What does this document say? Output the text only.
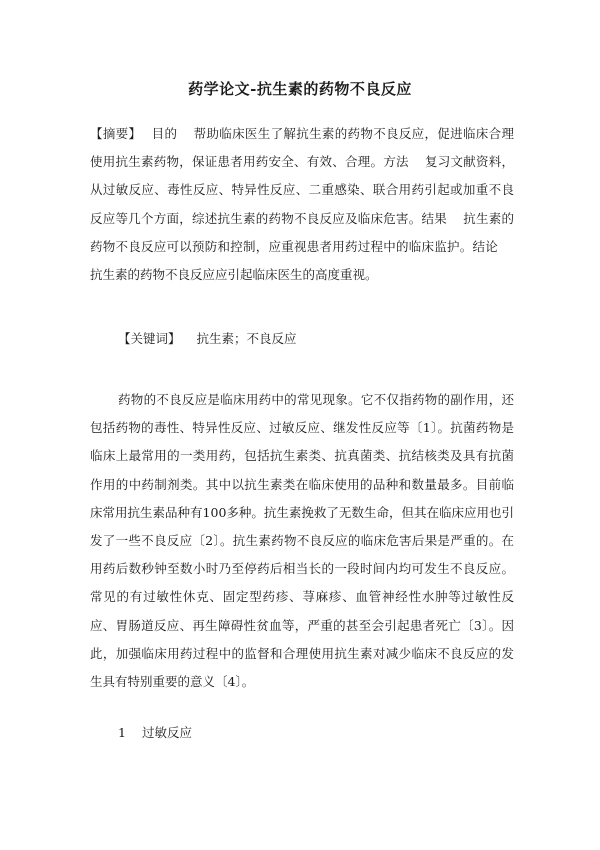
药学论文-抗生素的药物不良反应

【摘要】 目的 帮助临床医生了解抗生素的药物不良反应，促进临床合理使用抗生素药物，保证患者用药安全、有效、合理。方法 复习文献资料，从过敏反应、毒性反应、特异性反应、二重感染、联合用药引起或加重不良反应等几个方面，综述抗生素的药物不良反应及临床危害。结果 抗生素的药物不良反应可以预防和控制，应重视患者用药过程中的临床监护。结论抗生素的药物不良反应应引起临床医生的高度重视。

【关键词】 抗生素；不良反应

药物的不良反应是临床用药中的常见现象。它不仅指药物的副作用，还包括药物的毒性、特异性反应、过敏反应、继发性反应等〔1〕。抗菌药物是临床上最常用的一类用药，包括抗生素类、抗真菌类、抗结核类及具有抗菌作用的中药制剂类。其中以抗生素类在临床使用的品种和数量最多。目前临床常用抗生素品种有100多种。抗生素挽救了无数生命，但其在临床应用也引发了一些不良反应〔2〕。抗生素药物不良反应的临床危害后果是严重的。在用药后数秒钟至数小时乃至停药后相当长的一段时间内均可发生不良反应。常见的有过敏性休克、固定型药疹、荨麻疹、血管神经性水肿等过敏性反应、胃肠道反应、再生障碍性贫血等，严重的甚至会引起患者死亡〔3〕。因此，加强临床用药过程中的监督和合理使用抗生素对减少临床不良反应的发生具有特别重要的意义〔4〕。

1 过敏反应
